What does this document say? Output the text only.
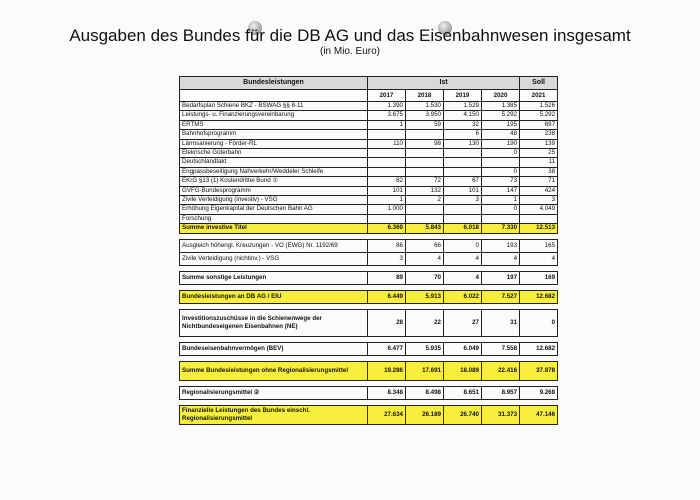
Ausgaben des Bundes für die DB AG und das Eisenbahnwesen insgesamt
(in Mio. Euro)
Bundesleistungen	Ist				Soll
	2017	2018	2019	2020	2021
Bedarfsplan Schiene BKZ - BSWAG §§ 8-11	1.390	1.530	1.529	1.385	1.526
Leistungs- u. Finanzierungsvereinbarung	3.675	3.950	4.150	5.292	5.292
ERTMS	1	59	32	195	697
Bahnhofsprogramm			6	48	238
Lärmsanierung - Förder-RL	110	98	130	190	139
Elekrische Güterbahn				0	25
Deutschlandtakt					11
Engpassbeseitigung Nahverkehr/Weddeler Schleife				0	38
EKrG §13 (1) Kostendrittel Bund ①	82	72	67	73	71
GVFG-Bundesprogramm	101	132	101	147	424
Zivile Verteidigung (investiv) - VSG	1	2	3	1	3
Erhöhung Eigenkapital der Deutschen Bahn AG	1.000			0	4.049
Forschung					
Summe investive Titel	6.360	5.843	6.018	7.330	12.513

Ausgleich höhengl. Kreuzungen - VO (EWG) Nr. 1192/69	86	66	0	193	165
Zivile Verteidigung (nichtinv.) - VSG	3	4	4	4	4

Summe sonstige Leistungen	89	70	4	197	169

Bundesleistungen an DB AG / EIU	6.449	5.913	6.022	7.527	12.682

Investitionszuschüsse in die Schienenwege der Nichtbundeseigenen Eisenbahnen (NE)	28	22	27	31	0

Bundeseisenbahnvermögen (BEV)	6.477	5.935	6.049	7.558	12.682

Summe Bundesleistungen ohne Regionalisierungsmittel	19.286	17.691	18.089	22.416	37.878

Regionalisierungsmittel ②	8.348	8.498	8.651	8.957	9.268

Finanzielle Leistungen des Bundes einschl. Regionalisierungsmittel	27.634	26.189	26.740	31.373	47.146
